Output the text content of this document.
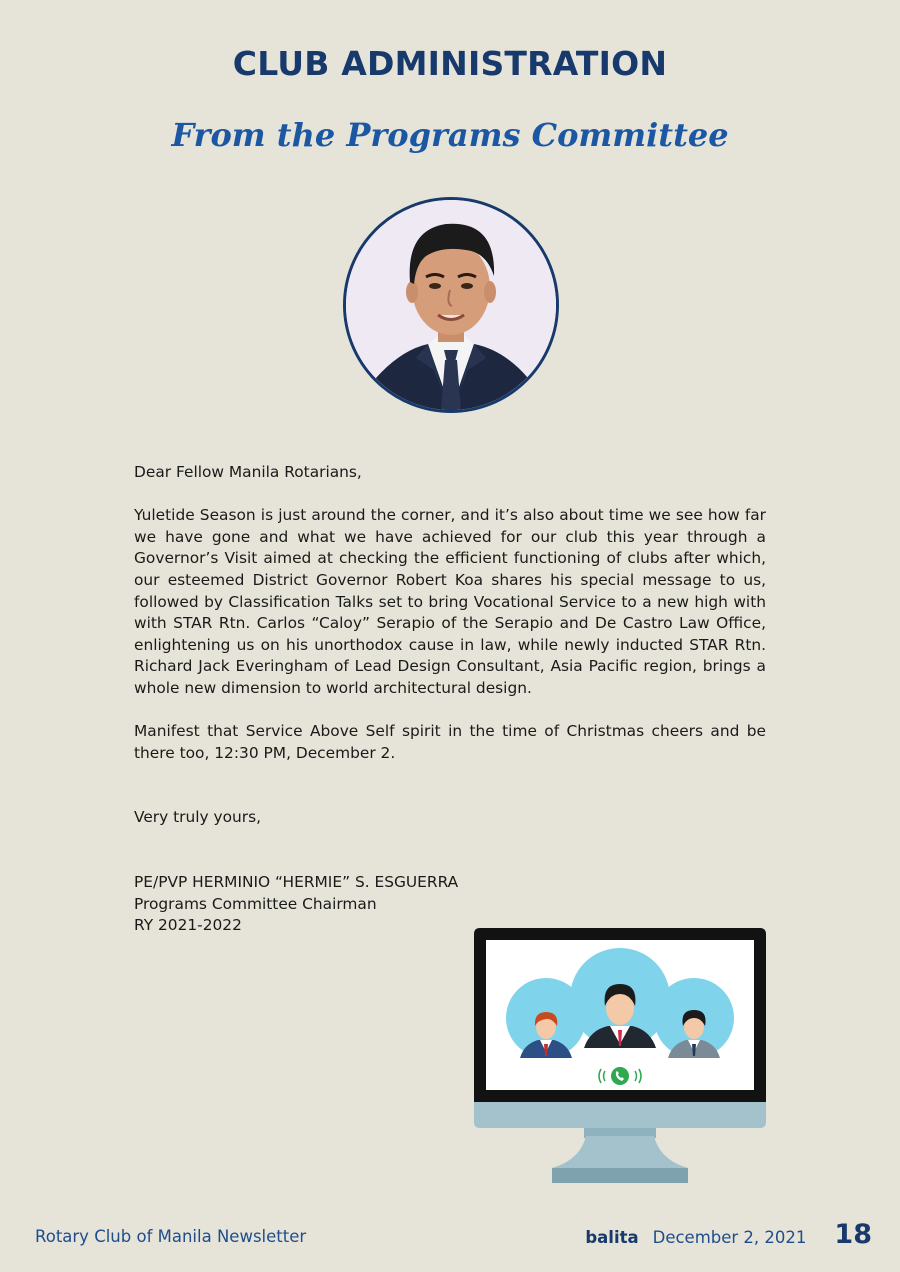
CLUB ADMINISTRATION
From the Programs Committee

Dear Fellow Manila Rotarians,

Yuletide Season is just around the corner, and it’s also about time we see how far we have gone and what we have achieved for our club this year through a Governor’s Visit aimed at checking the efficient functioning of clubs after which, our esteemed District Governor Robert Koa shares his special message to us, followed by Classification Talks set to bring Vocational Service to a new high with with STAR Rtn. Carlos “Caloy” Serapio of the Serapio and De Castro Law Office, enlightening us on his unorthodox cause in law, while newly inducted STAR Rtn. Richard Jack Everingham of Lead Design Consultant, Asia Pacific region, brings a whole new dimension to world architectural design.

Manifest that Service Above Self spirit in the time of Christmas cheers and be there too, 12:30 PM, December 2.

Very truly yours,

PE/PVP HERMINIO “HERMIE” S. ESGUERRA

Programs Committee Chairman

RY 2021-2022

Rotary Club of Manila Newsletter	balita December 2, 2021 18
